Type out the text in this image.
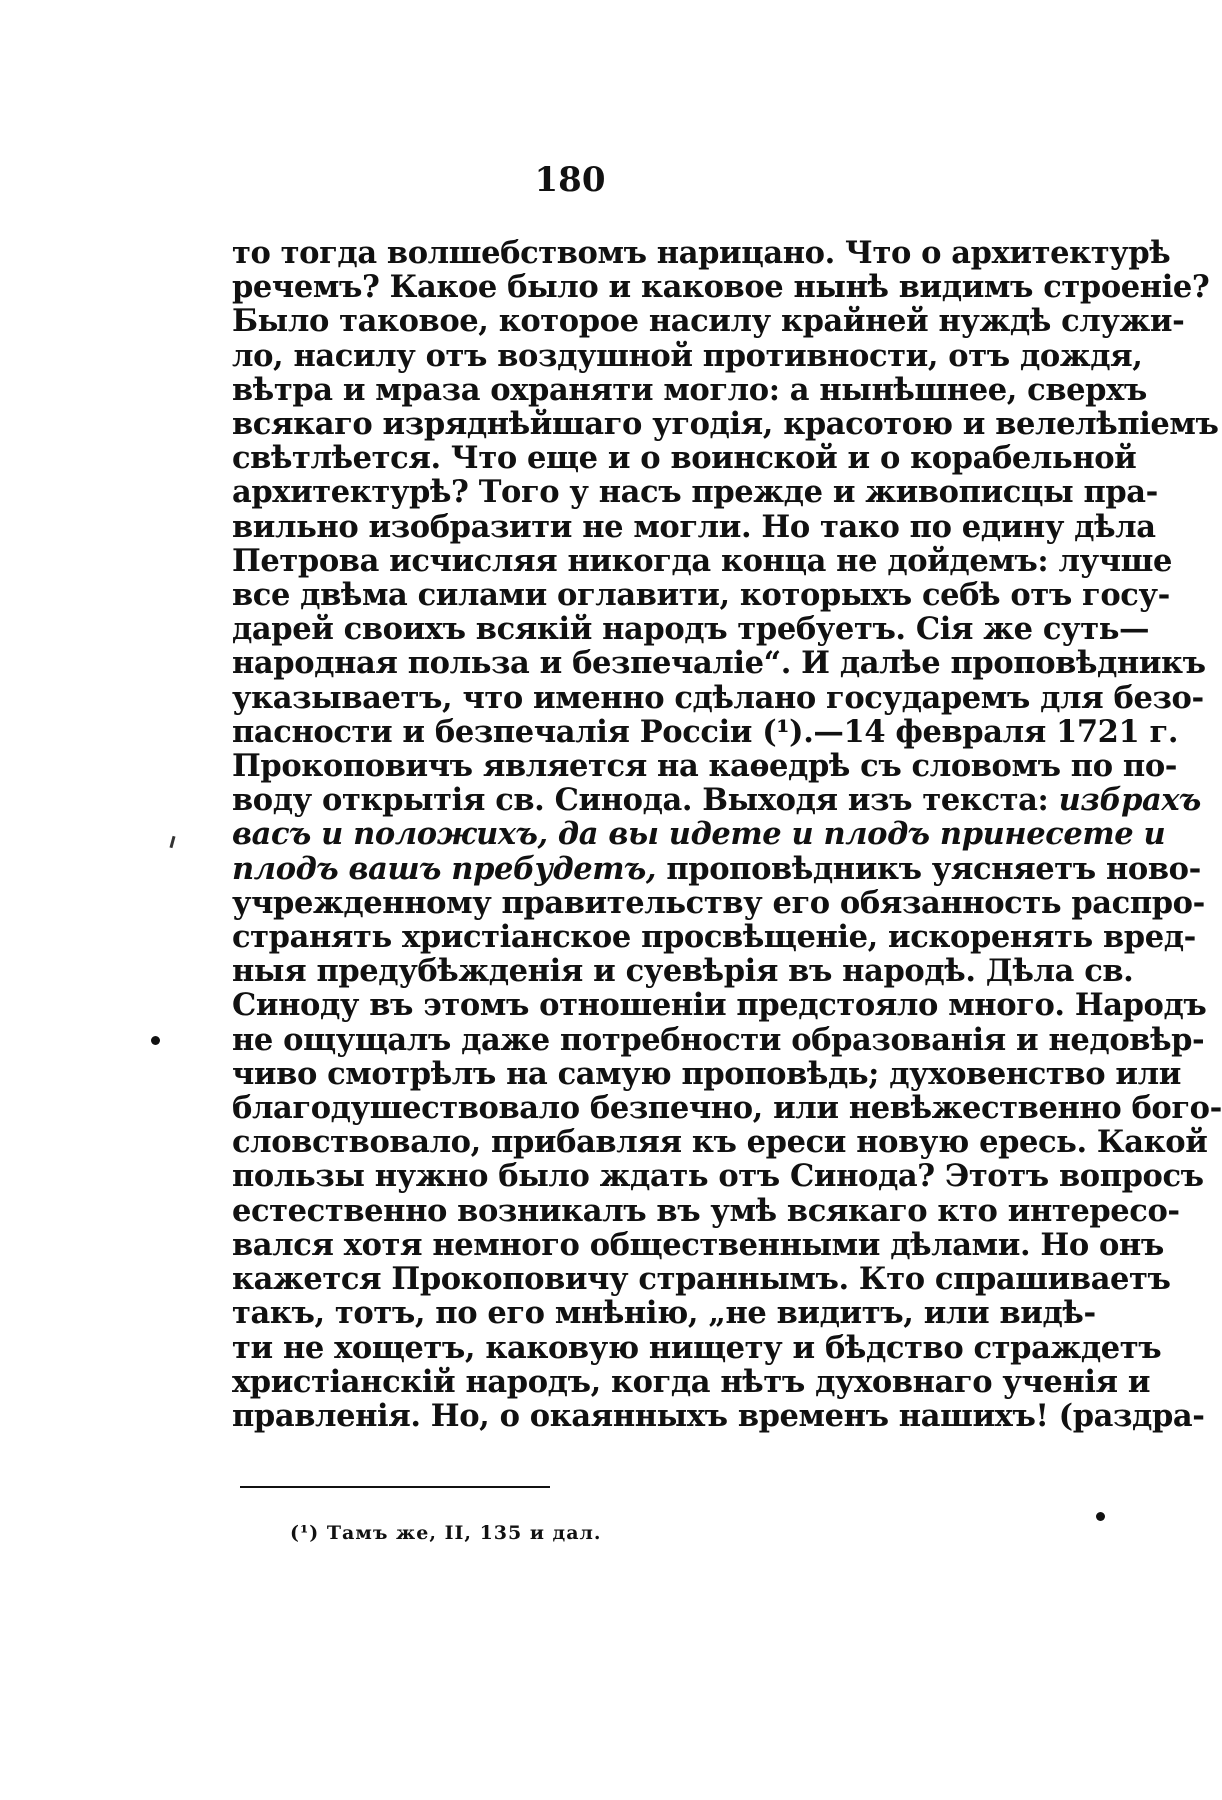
180
то тогда волшебствомъ нарицано. Что о архитектурѣ
речемъ? Какое было и каковое нынѣ видимъ строеніе?
Было таковое, которое насилу крайней нуждѣ служи-
ло, насилу отъ воздушной противности, отъ дождя,
вѣтра и мраза охраняти могло: а нынѣшнее, сверхъ
всякаго изряднѣйшаго угодія, красотою и велелѣпіемъ
свѣтлѣется. Что еще и о воинской и о корабельной
архитектурѣ? Того у насъ прежде и живописцы пра-
вильно изобразити не могли. Но тако по едину дѣла
Петрова исчисляя никогда конца не дойдемъ: лучше
все двѣма силами оглавити, которыхъ себѣ отъ госу-
дарей своихъ всякій народъ требуетъ. Сія же суть—
народная польза и безпечаліе“. И далѣе проповѣдникъ
указываетъ, что именно сдѣлано государемъ для безо-
пасности и безпечалія Россіи (¹).—14 февраля 1721 г.
Прокоповичъ является на каѳедрѣ съ словомъ по по-
воду открытія св. Синода. Выходя изъ текста: избрахъ
васъ и положихъ, да вы идете и плодъ принесете и
плодъ вашъ пребудетъ, проповѣдникъ уясняетъ ново-
учрежденному правительству его обязанность распро-
странять христіанское просвѣщеніе, искоренять вред-
ныя предубѣжденія и суевѣрія въ народѣ. Дѣла св.
Синоду въ этомъ отношеніи предстояло много. Народъ
не ощущалъ даже потребности образованія и недовѣр-
чиво смотрѣлъ на самую проповѣдь; духовенство или
благодушествовало безпечно, или невѣжественно бого-
словствовало, прибавляя къ ереси новую ересь. Какой
пользы нужно было ждать отъ Синода? Этотъ вопросъ
естественно возникалъ въ умѣ всякаго кто интересо-
вался хотя немного общественными дѣлами. Но онъ
кажется Прокоповичу страннымъ. Кто спрашиваетъ
такъ, тотъ, по его мнѣнію, „не видитъ, или видѣ-
ти не хощетъ, каковую нищету и бѣдство страждетъ
христіанскій народъ, когда нѣтъ духовнаго ученія и
правленія. Но, о окаянныхъ временъ нашихъ! (раздра-
(¹) Тамъ же, II, 135 и дал.
